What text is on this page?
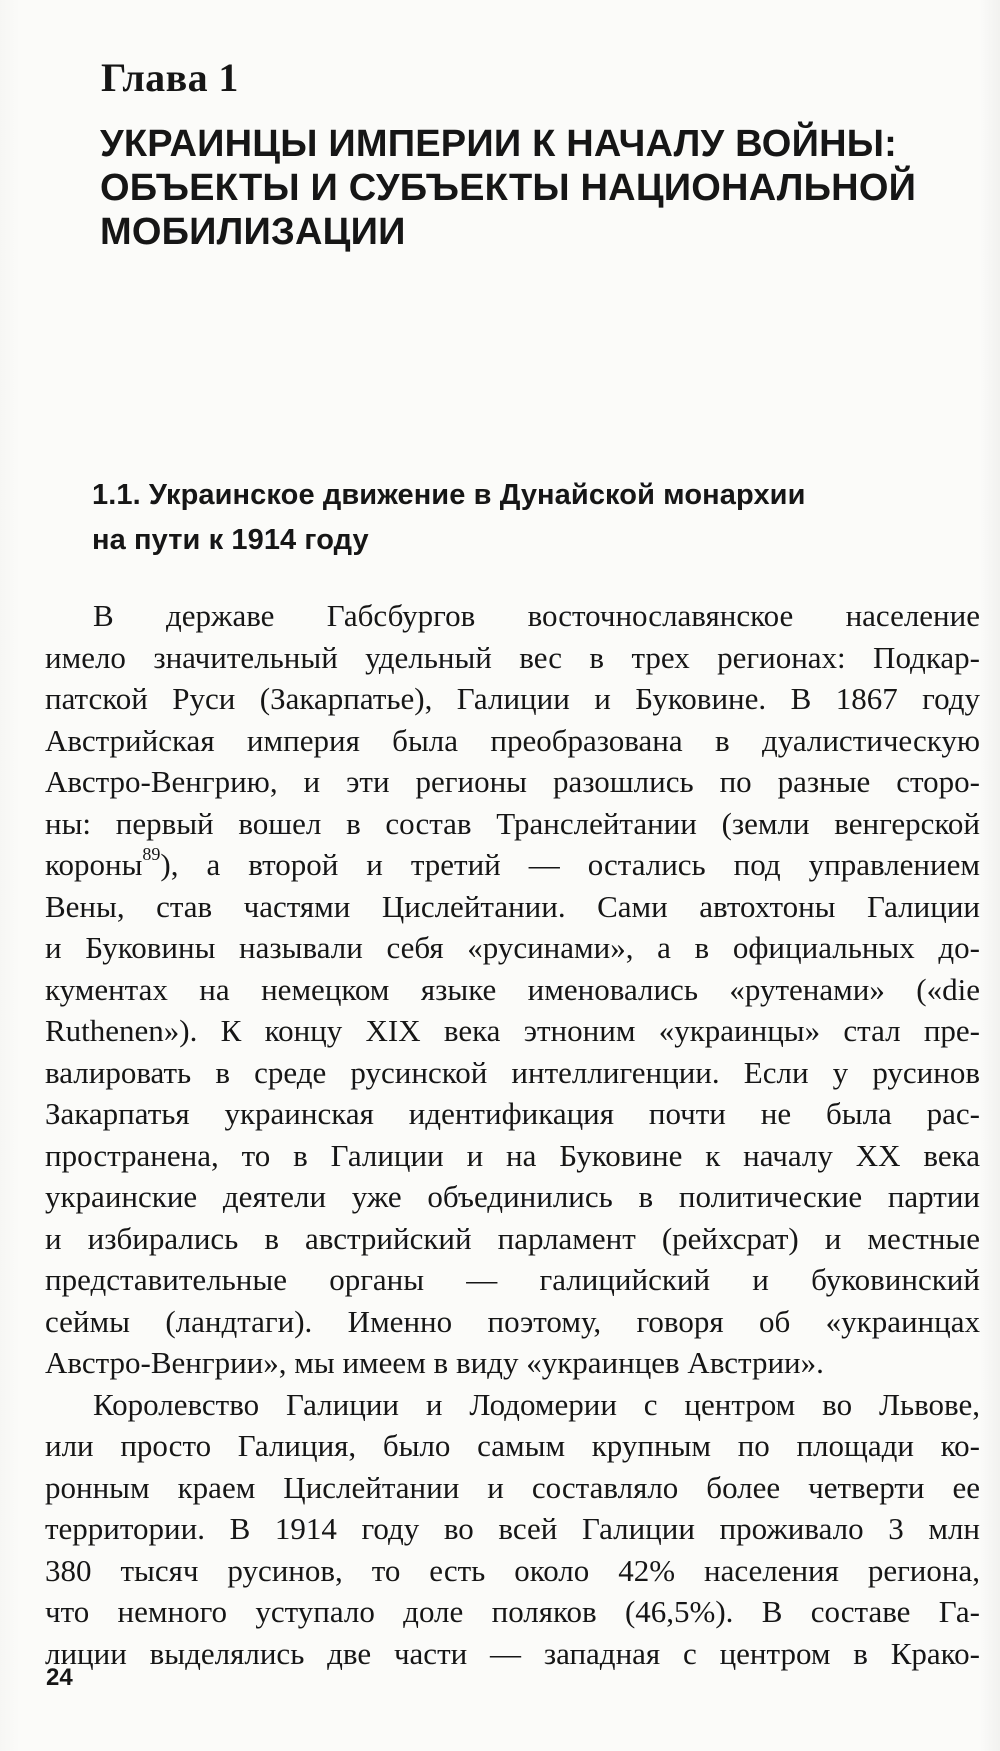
Глава 1
УКРАИНЦЫ ИМПЕРИИ К НАЧАЛУ ВОЙНЫ:
ОБЪЕКТЫ И СУБЪЕКТЫ НАЦИОНАЛЬНОЙ
МОБИЛИЗАЦИИ
1.1. Украинское движение в Дунайской монархии
на пути к 1914 году
В державе Габсбургов восточнославянское население
имело значительный удельный вес в трех регионах: Подкар-
патской Руси (Закарпатье), Галиции и Буковине. В 1867 году
Австрийская империя была преобразована в дуалистическую
Австро-Венгрию, и эти регионы разошлись по разные сторо-
ны: первый вошел в состав Транслейтании (земли венгерской
короны$^{89}$), а второй и третий — остались под управлением
Вены, став частями Цислейтании. Сами автохтоны Галиции
и Буковины называли себя «русинами», а в официальных до-
кументах на немецком языке именовались «рутенами» («die
Ruthenen»). К концу XIX века этноним «украинцы» стал пре-
валировать в среде русинской интеллигенции. Если у русинов
Закарпатья украинская идентификация почти не была рас-
пространена, то в Галиции и на Буковине к началу XX века
украинские деятели уже объединились в политические партии
и избирались в австрийский парламент (рейхсрат) и местные
представительные органы — галицийский и буковинский
сеймы (ландтаги). Именно поэтому, говоря об «украинцах
Австро-Венгрии», мы имеем в виду «украинцев Австрии».
Королевство Галиции и Лодомерии с центром во Львове,
или просто Галиция, было самым крупным по площади ко-
ронным краем Цислейтании и составляло более четверти ее
территории. В 1914 году во всей Галиции проживало 3 млн
380 тысяч русинов, то есть около 42% населения региона,
что немного уступало доле поляков (46,5%). В составе Га-
лиции выделялись две части — западная с центром в Крако-
24
